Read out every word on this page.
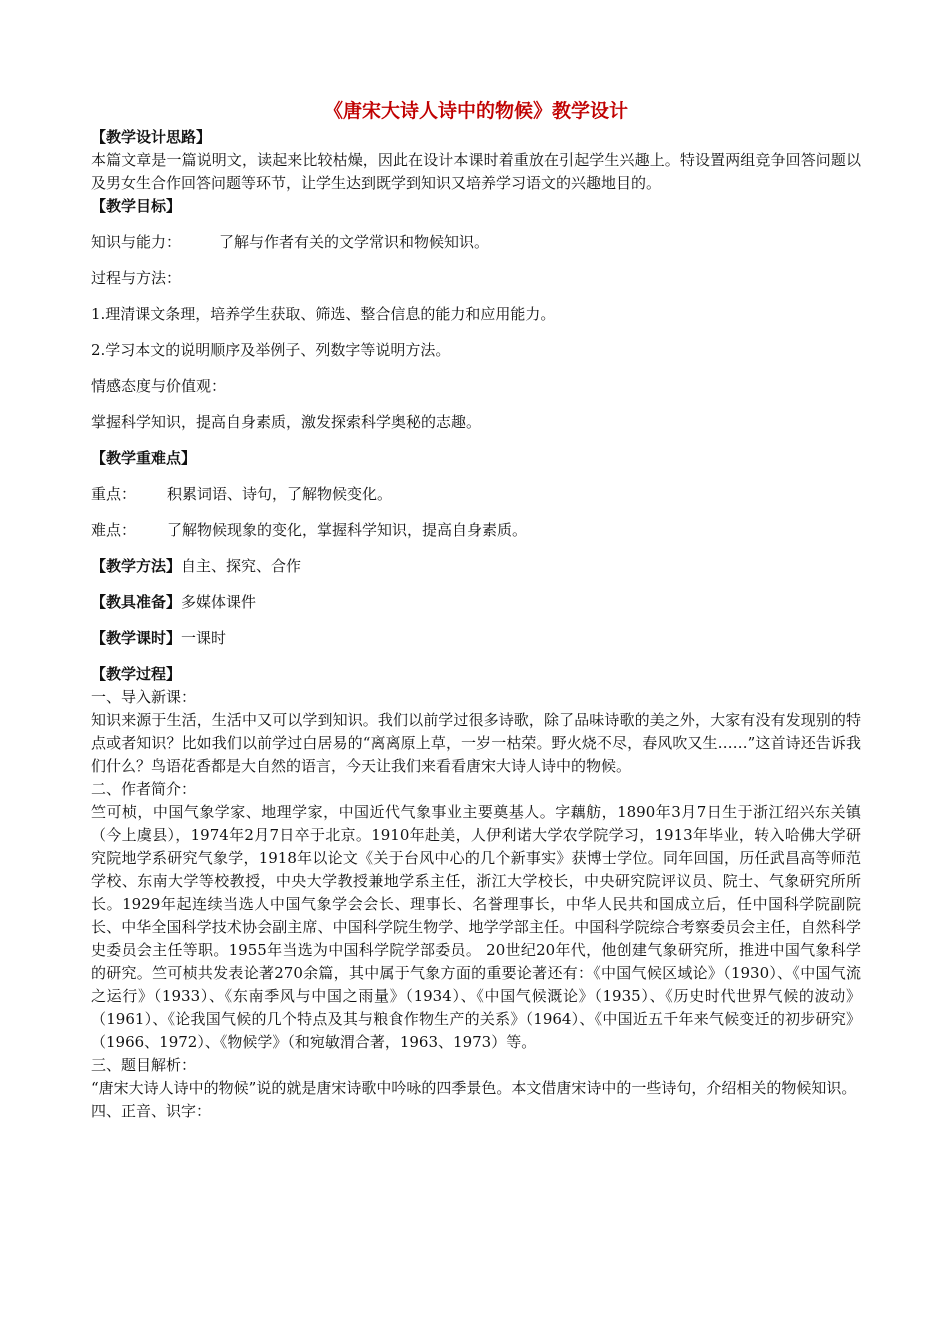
《唐宋大诗人诗中的物候》教学设计
【教学设计思路】

本篇文章是一篇说明文，读起来比较枯燥，因此在设计本课时着重放在引起学生兴趣上。特设置两组竞争回答问题以及男女生合作回答问题等环节，让学生达到既学到知识又培养学习语文的兴趣地目的。

【教学目标】

知识与能力：	了解与作者有关的文学常识和物候知识。

过程与方法：

1.理清课文条理，培养学生获取、筛选、整合信息的能力和应用能力。

2.学习本文的说明顺序及举例子、列数字等说明方法。

情感态度与价值观：

掌握科学知识，提高自身素质，激发探索科学奥秘的志趣。

【教学重难点】

重点： 积累词语、诗句，了解物候变化。

难点： 了解物候现象的变化，掌握科学知识，提高自身素质。

【教学方法】自主、探究、合作
【教具准备】多媒体课件
【教学课时】一课时
【教学过程】

一、导入新课：

知识来源于生活，生活中又可以学到知识。我们以前学过很多诗歌，除了品味诗歌的美之外，大家有没有发现别的特点或者知识？比如我们以前学过白居易的“离离原上草，一岁一枯荣。野火烧不尽，春风吹又生……”这首诗还告诉我们什么？鸟语花香都是大自然的语言，今天让我们来看看唐宋大诗人诗中的物候。

二、作者简介：

竺可桢，中国气象学家、地理学家，中国近代气象事业主要奠基人。字藕舫，1890年3月7日生于浙江绍兴东关镇（今上虞县），1974年2月7日卒于北京。1910年赴美，人伊利诺大学农学院学习，1913年毕业，转入哈佛大学研究院地学系研究气象学，1918年以论文《关于台风中心的几个新事实》获博士学位。同年回国，历任武昌高等师范学校、东南大学等校教授，中央大学教授兼地学系主任，浙江大学校长，中央研究院评议员、院士、气象研究所所长。1929年起连续当选人中国气象学会会长、理事长、名誉理事长，中华人民共和国成立后，任中国科学院副院长、中华全国科学技术协会副主席、中国科学院生物学、地学学部主任。中国科学院综合考察委员会主任，自然科学史委员会主任等职。1955年当选为中国科学院学部委员。 20世纪20年代，他创建气象研究所，推进中国气象科学的研究。竺可桢共发表论著270余篇，其中属于气象方面的重要论著还有：《中国气候区域论》（1930）、《中国气流之运行》（1933）、《东南季风与中国之雨量》（1934）、《中国气候溉论》（1935）、《历史时代世界气候的波动》（1961）、《论我国气候的几个特点及其与粮食作物生产的关系》（1964）、《中国近五千年来气候变迁的初步研究》（1966、1972）、《物候学》（和宛敏渭合著，1963、1973）等。

三、题目解析：

“唐宋大诗人诗中的物候”说的就是唐宋诗歌中吟咏的四季景色。本文借唐宋诗中的一些诗句，介绍相关的物候知识。

四、正音、识字：
